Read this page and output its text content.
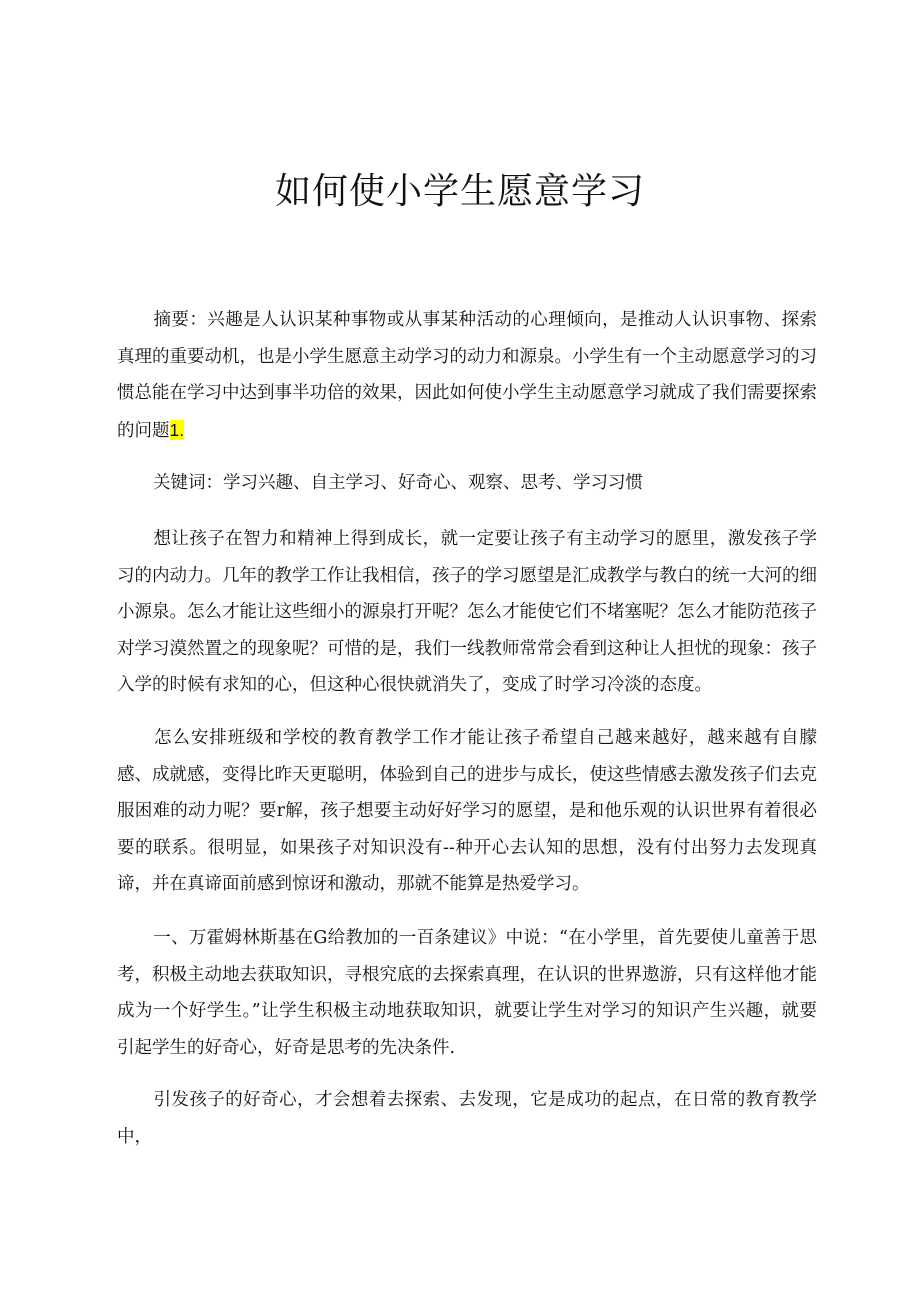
如何使小学生愿意学习

摘要：兴趣是人认识某种事物或从事某种活动的心理倾向，是推动人认识事物、探索真理的重要动机，也是小学生愿意主动学习的动力和源泉。小学生有一个主动愿意学习的习惯总能在学习中达到事半功倍的效果，因此如何使小学生主动愿意学习就成了我们需要探索的问题1.

关键词：学习兴趣、自主学习、好奇心、观察、思考、学习习惯

想让孩子在智力和精神上得到成长，就一定要让孩子有主动学习的愿里，激发孩子学习的内动力。几年的教学工作让我相信，孩子的学习愿望是汇成教学与教白的统一大河的细小源泉。怎么才能让这些细小的源泉打开呢？怎么才能使它们不堵塞呢？怎么才能防范孩子对学习漠然置之的现象呢？可惜的是，我们一线教师常常会看到这种让人担忧的现象：孩子入学的时候有求知的心，但这种心很快就消失了，变成了时学习冷淡的态度。

怎么安排班级和学校的教育教学工作才能让孩子希望自己越来越好，越来越有自朦感、成就感，变得比昨天更聪明，体验到自己的进步与成长，使这些情感去激发孩子们去克服困难的动力呢？要r解，孩子想要主动好好学习的愿望，是和他乐观的认识世界有着很必要的联系。很明显，如果孩子对知识没有--种开心去认知的思想，没有付出努力去发现真谛，并在真谛面前感到惊讶和激动，那就不能算是热爱学习。

一、万霍姆林斯基在G给教加的一百条建议》中说：“在小学里，首先要使儿童善于思考，积极主动地去获取知识，寻根究底的去探索真理，在认识的世界遨游，只有这样他才能成为一个好学生。”让学生积极主动地获取知识，就要让学生对学习的知识产生兴趣，就要引起学生的好奇心，好奇是思考的先决条件.

引发孩子的好奇心，才会想着去探索、去发现，它是成功的起点，在日常的教育教学中，
